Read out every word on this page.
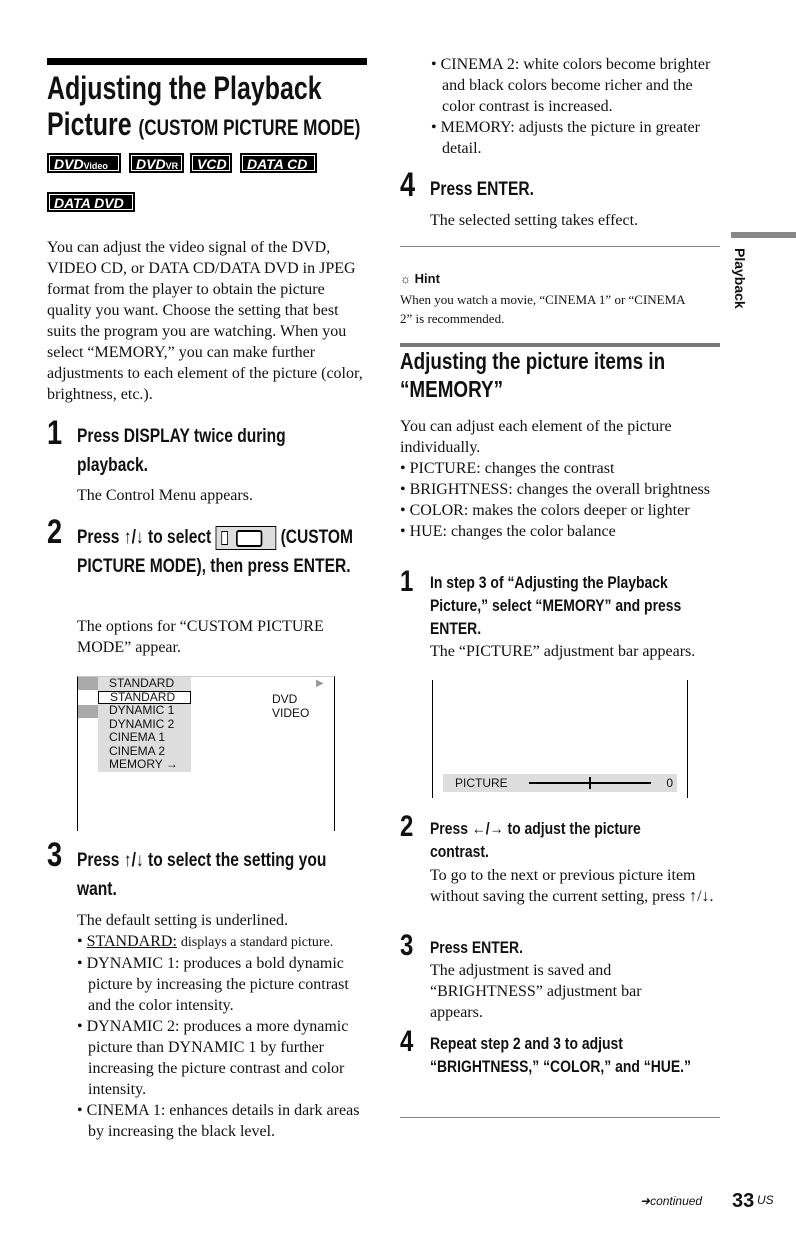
Adjusting the Playback
Picture (CUSTOM PICTURE MODE)
DVDVideo	DVDVR	VCD	DATA CD
DATA DVD
You can adjust the video signal of the DVD, VIDEO CD, or DATA CD/DATA DVD in JPEG format from the player to obtain the picture quality you want. Choose the setting that best suits the program you are watching. When you select “MEMORY,” you can make further adjustments to each element of the picture (color, brightness, etc.).
1 Press DISPLAY twice during playback.
The Control Menu appears.
2 Press ↑/↓ to select	(CUSTOM PICTURE MODE), then press ENTER.
The options for “CUSTOM PICTURE MODE” appear.
STANDARD
STANDARD
DYNAMIC 1
DYNAMIC 2
CINEMA 1
CINEMA 2
MEMORY →
▶
DVD VIDEO
3 Press ↑/↓ to select the setting you want.
The default setting is underlined.
• STANDARD: displays a standard picture.
• DYNAMIC 1: produces a bold dynamic picture by increasing the picture contrast and the color intensity.
• DYNAMIC 2: produces a more dynamic picture than DYNAMIC 1 by further increasing the picture contrast and color intensity.
• CINEMA 1: enhances details in dark areas by increasing the black level.
• CINEMA 2: white colors become brighter and black colors become richer and the color contrast is increased.
• MEMORY: adjusts the picture in greater detail.
4 Press ENTER.
The selected setting takes effect.
☼ Hint
When you watch a movie, “CINEMA 1” or “CINEMA 2” is recommended.
Adjusting the picture items in
“MEMORY”
You can adjust each element of the picture individually.
• PICTURE: changes the contrast
• BRIGHTNESS: changes the overall brightness
• COLOR: makes the colors deeper or lighter
• HUE: changes the color balance
1 In step 3 of “Adjusting the Playback Picture,” select “MEMORY” and press ENTER.
The “PICTURE” adjustment bar appears.
PICTURE	0
2 Press ←/→ to adjust the picture contrast.
To go to the next or previous picture item without saving the current setting, press ↑/↓.
3 Press ENTER.
The adjustment is saved and “BRIGHTNESS” adjustment bar appears.
4 Repeat step 2 and 3 to adjust “BRIGHTNESS,” “COLOR,” and “HUE.”
Playback
➜continued 33 US
